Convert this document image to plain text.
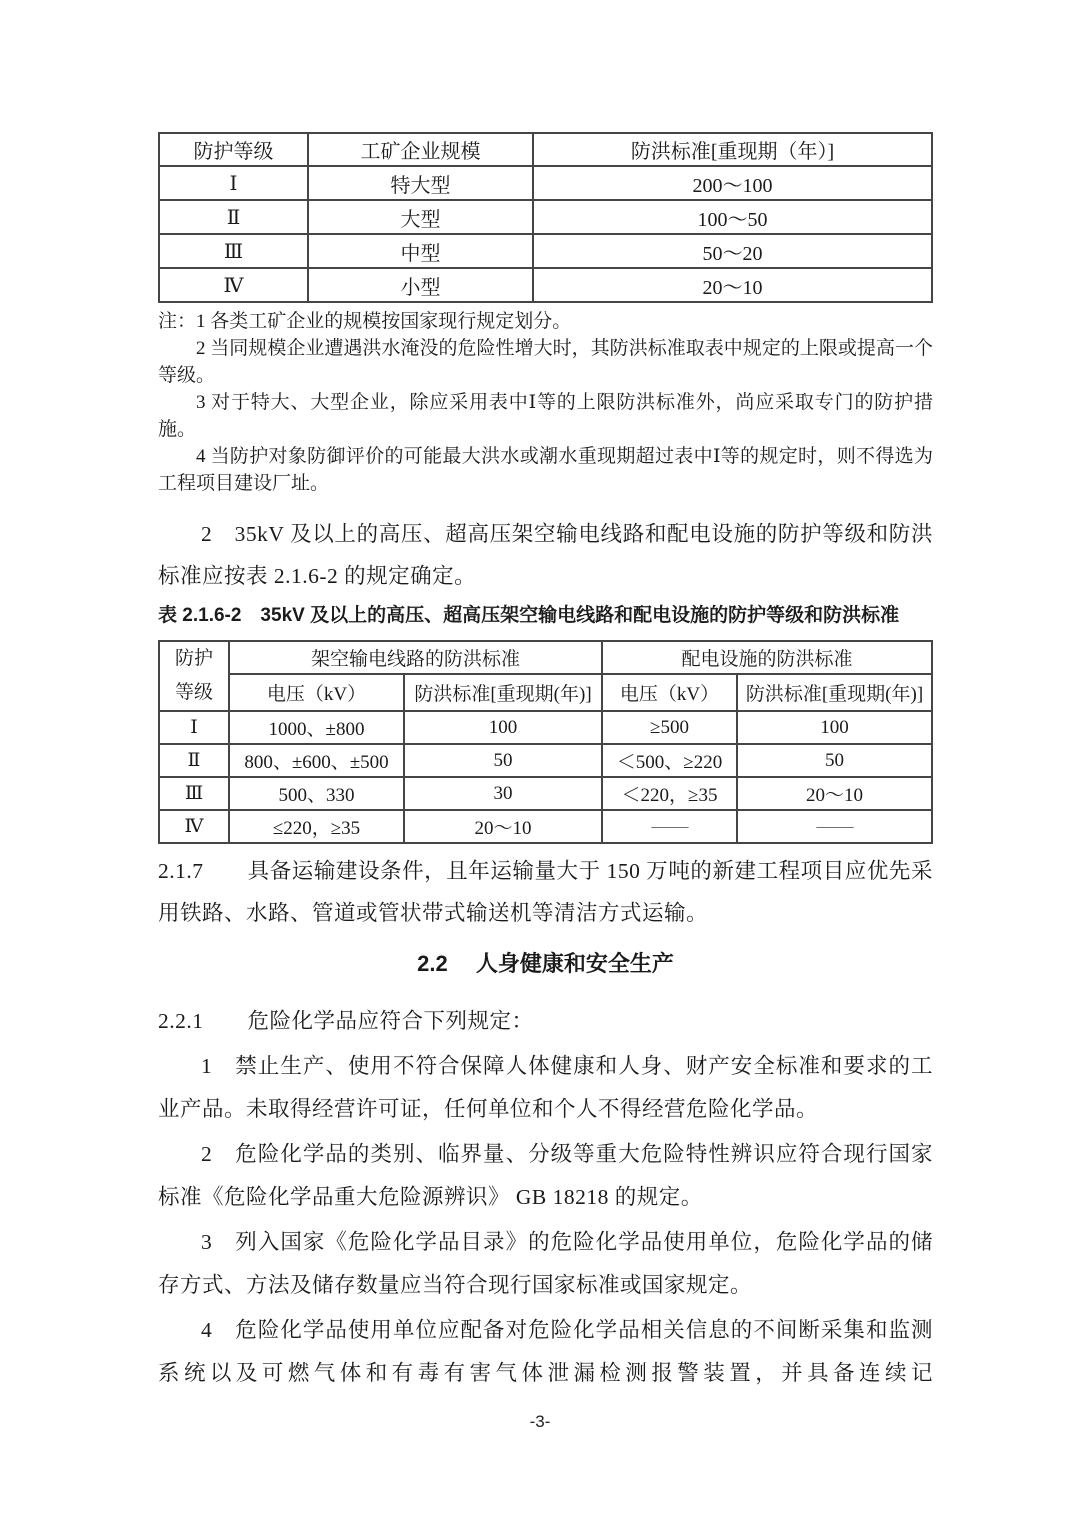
防护等级	工矿企业规模	防洪标准[重现期（年）]
Ⅰ	特大型	200～100
Ⅱ	大型	100～50
Ⅲ	中型	50～20
Ⅳ	小型	20～10

注：1 各类工矿企业的规模按国家现行规定划分。

2 当同规模企业遭遇洪水淹没的危险性增大时，其防洪标准取表中规定的上限或提高一个等级。

3 对于特大、大型企业，除应采用表中Ⅰ等的上限防洪标准外，尚应采取专门的防护措施。

4 当防护对象防御评价的可能最大洪水或潮水重现期超过表中Ⅰ等的规定时，则不得选为工程项目建设厂址。

2　35kV 及以上的高压、超高压架空输电线路和配电设施的防护等级和防洪标准应按表 2.1.6-2 的规定确定。

表 2.1.6-2　35kV 及以上的高压、超高压架空输电线路和配电设施的防护等级和防洪标准
防护
等级	架空输电线路的防洪标准		配电设施的防洪标准	
	电压（kV）	防洪标准[重现期(年)]	电压（kV）	防洪标准[重现期(年)]
Ⅰ	1000、±800	100	≥500	100
Ⅱ	800、±600、±500	50	＜500、≥220	50
Ⅲ	500、330	30	＜220，≥35	20～10
Ⅳ	≤220，≥35	20～10	——	——

2.1.7　　具备运输建设条件，且年运输量大于 150 万吨的新建工程项目应优先采用铁路、水路、管道或管状带式输送机等清洁方式运输。

2.2　 人身健康和安全生产

2.2.1　　危险化学品应符合下列规定：

1　禁止生产、使用不符合保障人体健康和人身、财产安全标准和要求的工业产品。未取得经营许可证，任何单位和个人不得经营危险化学品。

2　危险化学品的类别、临界量、分级等重大危险特性辨识应符合现行国家标准《危险化学品重大危险源辨识》 GB 18218 的规定。

3　列入国家《危险化学品目录》的危险化学品使用单位，危险化学品的储存方式、方法及储存数量应当符合现行国家标准或国家规定。

4　危险化学品使用单位应配备对危险化学品相关信息的不间断采集和监测系统以及可燃气体和有毒有害气体泄漏检测报警装置，并具备连续记

-3-
